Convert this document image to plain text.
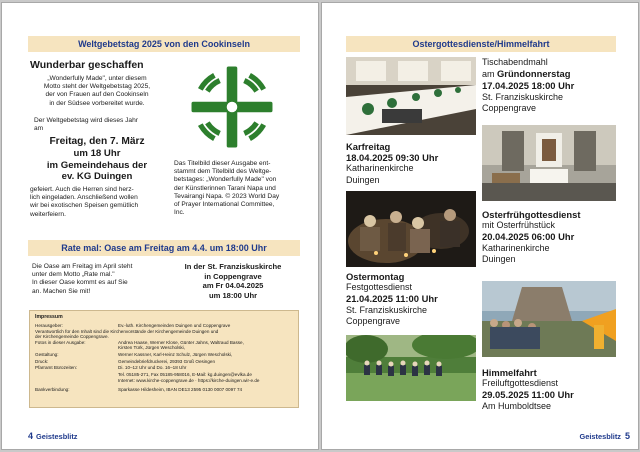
Weltgebetstag 2025 von den Cookinseln
Wunderbar geschaffen
„Wonderfully Made", unter diesem
Motto steht der Weltgebetstag 2025,
der von Frauen auf den Cookinseln
in der Südsee vorbereitet wurde.
Der Weltgebetstag wird dieses Jahr
am
Freitag, den 7. März
um 18 Uhr
im Gemeindehaus der
ev. KG Duingen
gefeiert. Auch die Herren sind herz-
lich eingeladen. Anschließend wollen
wir bei exotischen Speisen gemütlich
weiterfeiern.
Das Titelbild dieser Ausgabe ent-
stammt dem Titelbild des Weltge-
betstages: „Wonderfully Made" von
der Künstlerinnen Tarani Napa und
Tevairangi Napa. © 2023 World Day
of Prayer International Committee,
Inc.
Rate mal: Oase am Freitag am 4.4. um 18:00 Uhr
Die Oase am Freitag im April steht
unter dem Motto „Rate mal."
In dieser Oase kommt es auf Sie
an. Machen Sie mit!
In der St. Franziskuskirche
in Coppengrave
am Fr 04.04.2025
um 18:00 Uhr
Impressum
Herausgeber:	Ev.-luth. Kirchengemeinden Duingen und Coppengrave
Verantwortlich für den Inhalt sind die Kirchenvorstände der Kirchengemeinde Duingen und
der Kirchengemeinde Coppengrave.
Fotos in dieser Ausgabe:	Andrea Haase, Werner Klose, Günter Jahns, Waltraud Basse,
Kirsten Türk, Jürgen Wescholski,
Gestaltung:	Werner Kassner, Karl-Heinz Schulz, Jürgen Wescholski,
Druck:	Gemeindebriefdruckerei, 29393 Groß Oesingen
Pfarramt Bürozeiten:	Di. 10–12 Uhr und Do. 16–18 Uhr
Tel. 05185-271, Fax 05185-958016, E-Mail: kg.duingen@evlka.de
Internet: www.kirche-coppengrave.de · https://kirche-duingen.wir-e.de
Bankverbindung:	Sparkasse Hildesheim, IBAN DE13 2595 0130 0007 0097 74
4 Geistesblitz
Ostergottesdienste/Himmelfahrt
Tischabendmahl
am Gründonnerstag
17.04.2025 18:00 Uhr
St. Franziskuskirche
Coppengrave
Karfreitag
18.04.2025 09:30 Uhr
Katharinenkirche
Duingen
Osterfrühgottesdienst
mit Osterfrühstück
20.04.2025 06:00 Uhr
Katharinenkirche
Duingen
Ostermontag
Festgottesdienst
21.04.2025 11:00 Uhr
St. Franziskuskirche
Coppengrave
Himmelfahrt
Freiluftgottesdienst
29.05.2025 11:00 Uhr
Am Humboldtsee
Geistesblitz 5
